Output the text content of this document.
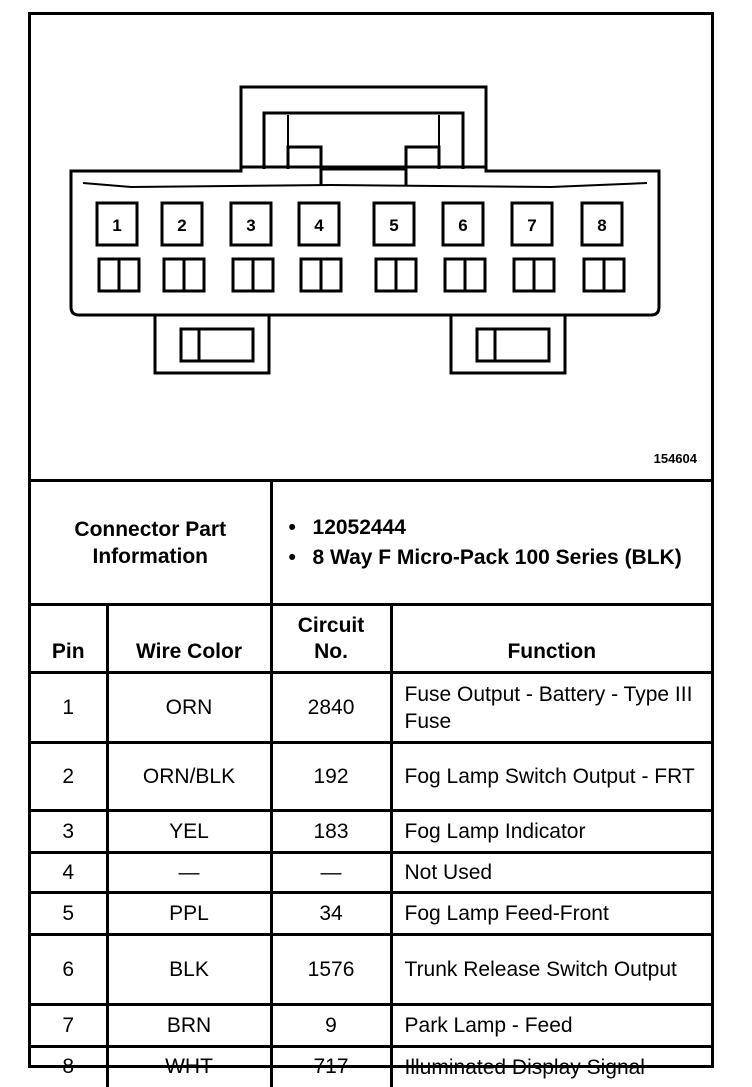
1	2	3	4	5	6	7	8
154604
Connector Part Information		• 12052444
• 8 Way F Micro-Pack 100 Series (BLK)

Pin	Wire Color	Circuit No.	Function
1	ORN	2840	Fuse Output - Battery - Type III Fuse
2	ORN/BLK	192	Fog Lamp Switch Output - FRT
3	YEL	183	Fog Lamp Indicator
4	—	—	Not Used
5	PPL	34	Fog Lamp Feed-Front
6	BLK	1576	Trunk Release Switch Output
7	BRN	9	Park Lamp - Feed
8	WHT	717	Illuminated Display Signal
